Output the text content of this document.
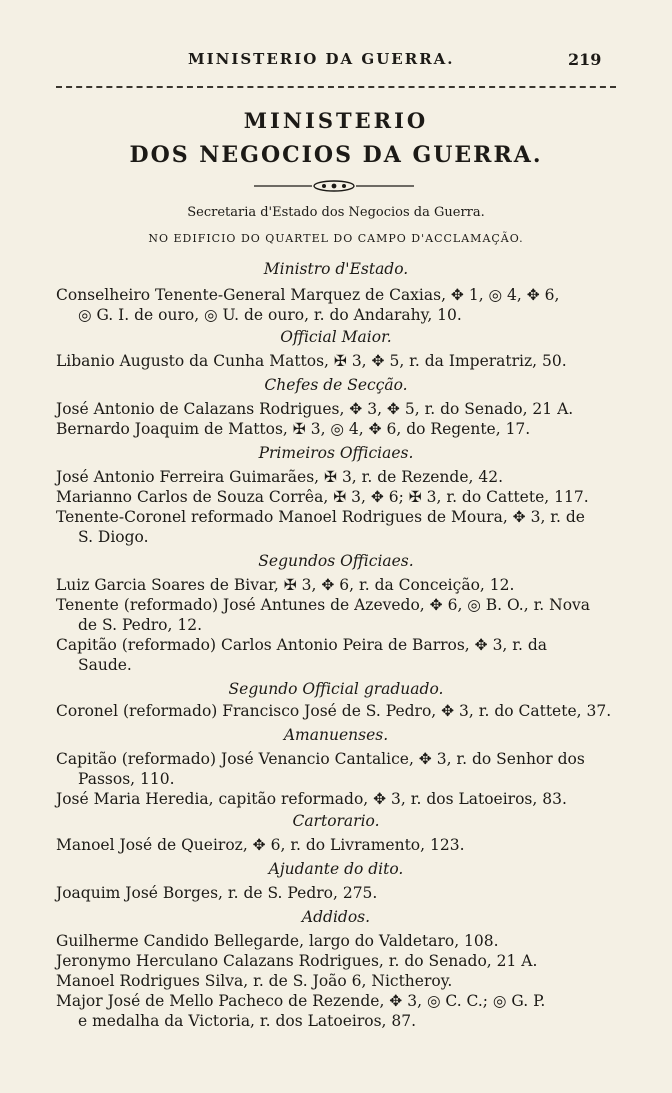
MINISTERIO DA GUERRA.	219
MINISTERIO
DOS NEGOCIOS DA GUERRA.
Secretaria d'Estado dos Negocios da Guerra.
NO EDIFICIO DO QUARTEL DO CAMPO D'ACCLAMAÇÃO.
Ministro d'Estado.
Conselheiro Tenente-General Marquez de Caxias, ✥ 1, ◎ 4, ✥ 6,
◎ G. I. de ouro, ◎ U. de ouro, r. do Andarahy, 10.
Official Maior.
Libanio Augusto da Cunha Mattos, ✠ 3, ✥ 5, r. da Imperatriz, 50.
Chefes de Secção.
José Antonio de Calazans Rodrigues, ✥ 3, ✥ 5, r. do Senado, 21 A.
Bernardo Joaquim de Mattos, ✠ 3, ◎ 4, ✥ 6, do Regente, 17.
Primeiros Officiaes.
José Antonio Ferreira Guimarães, ✠ 3, r. de Rezende, 42.
Marianno Carlos de Souza Corrêa, ✠ 3, ✥ 6; ✠ 3, r. do Cattete, 117.
Tenente-Coronel reformado Manoel Rodrigues de Moura, ✥ 3, r. de
S. Diogo.
Segundos Officiaes.
Luiz Garcia Soares de Bivar, ✠ 3, ✥ 6, r. da Conceição, 12.
Tenente (reformado) José Antunes de Azevedo, ✥ 6, ◎ B. O., r. Nova
de S. Pedro, 12.
Capitão (reformado) Carlos Antonio Peira de Barros, ✥ 3, r. da
Saude.
Segundo Official graduado.
Coronel (reformado) Francisco José de S. Pedro, ✥ 3, r. do Cattete, 37.
Amanuenses.
Capitão (reformado) José Venancio Cantalice, ✥ 3, r. do Senhor dos
Passos, 110.
José Maria Heredia, capitão reformado, ✥ 3, r. dos Latoeiros, 83.
Cartorario.
Manoel José de Queiroz, ✥ 6, r. do Livramento, 123.
Ajudante do dito.
Joaquim José Borges, r. de S. Pedro, 275.
Addidos.
Guilherme Candido Bellegarde, largo do Valdetaro, 108.
Jeronymo Herculano Calazans Rodrigues, r. do Senado, 21 A.
Manoel Rodrigues Silva, r. de S. João 6, Nictheroy.
Major José de Mello Pacheco de Rezende, ✥ 3, ◎ C. C.; ◎ G. P.
e medalha da Victoria, r. dos Latoeiros, 87.
